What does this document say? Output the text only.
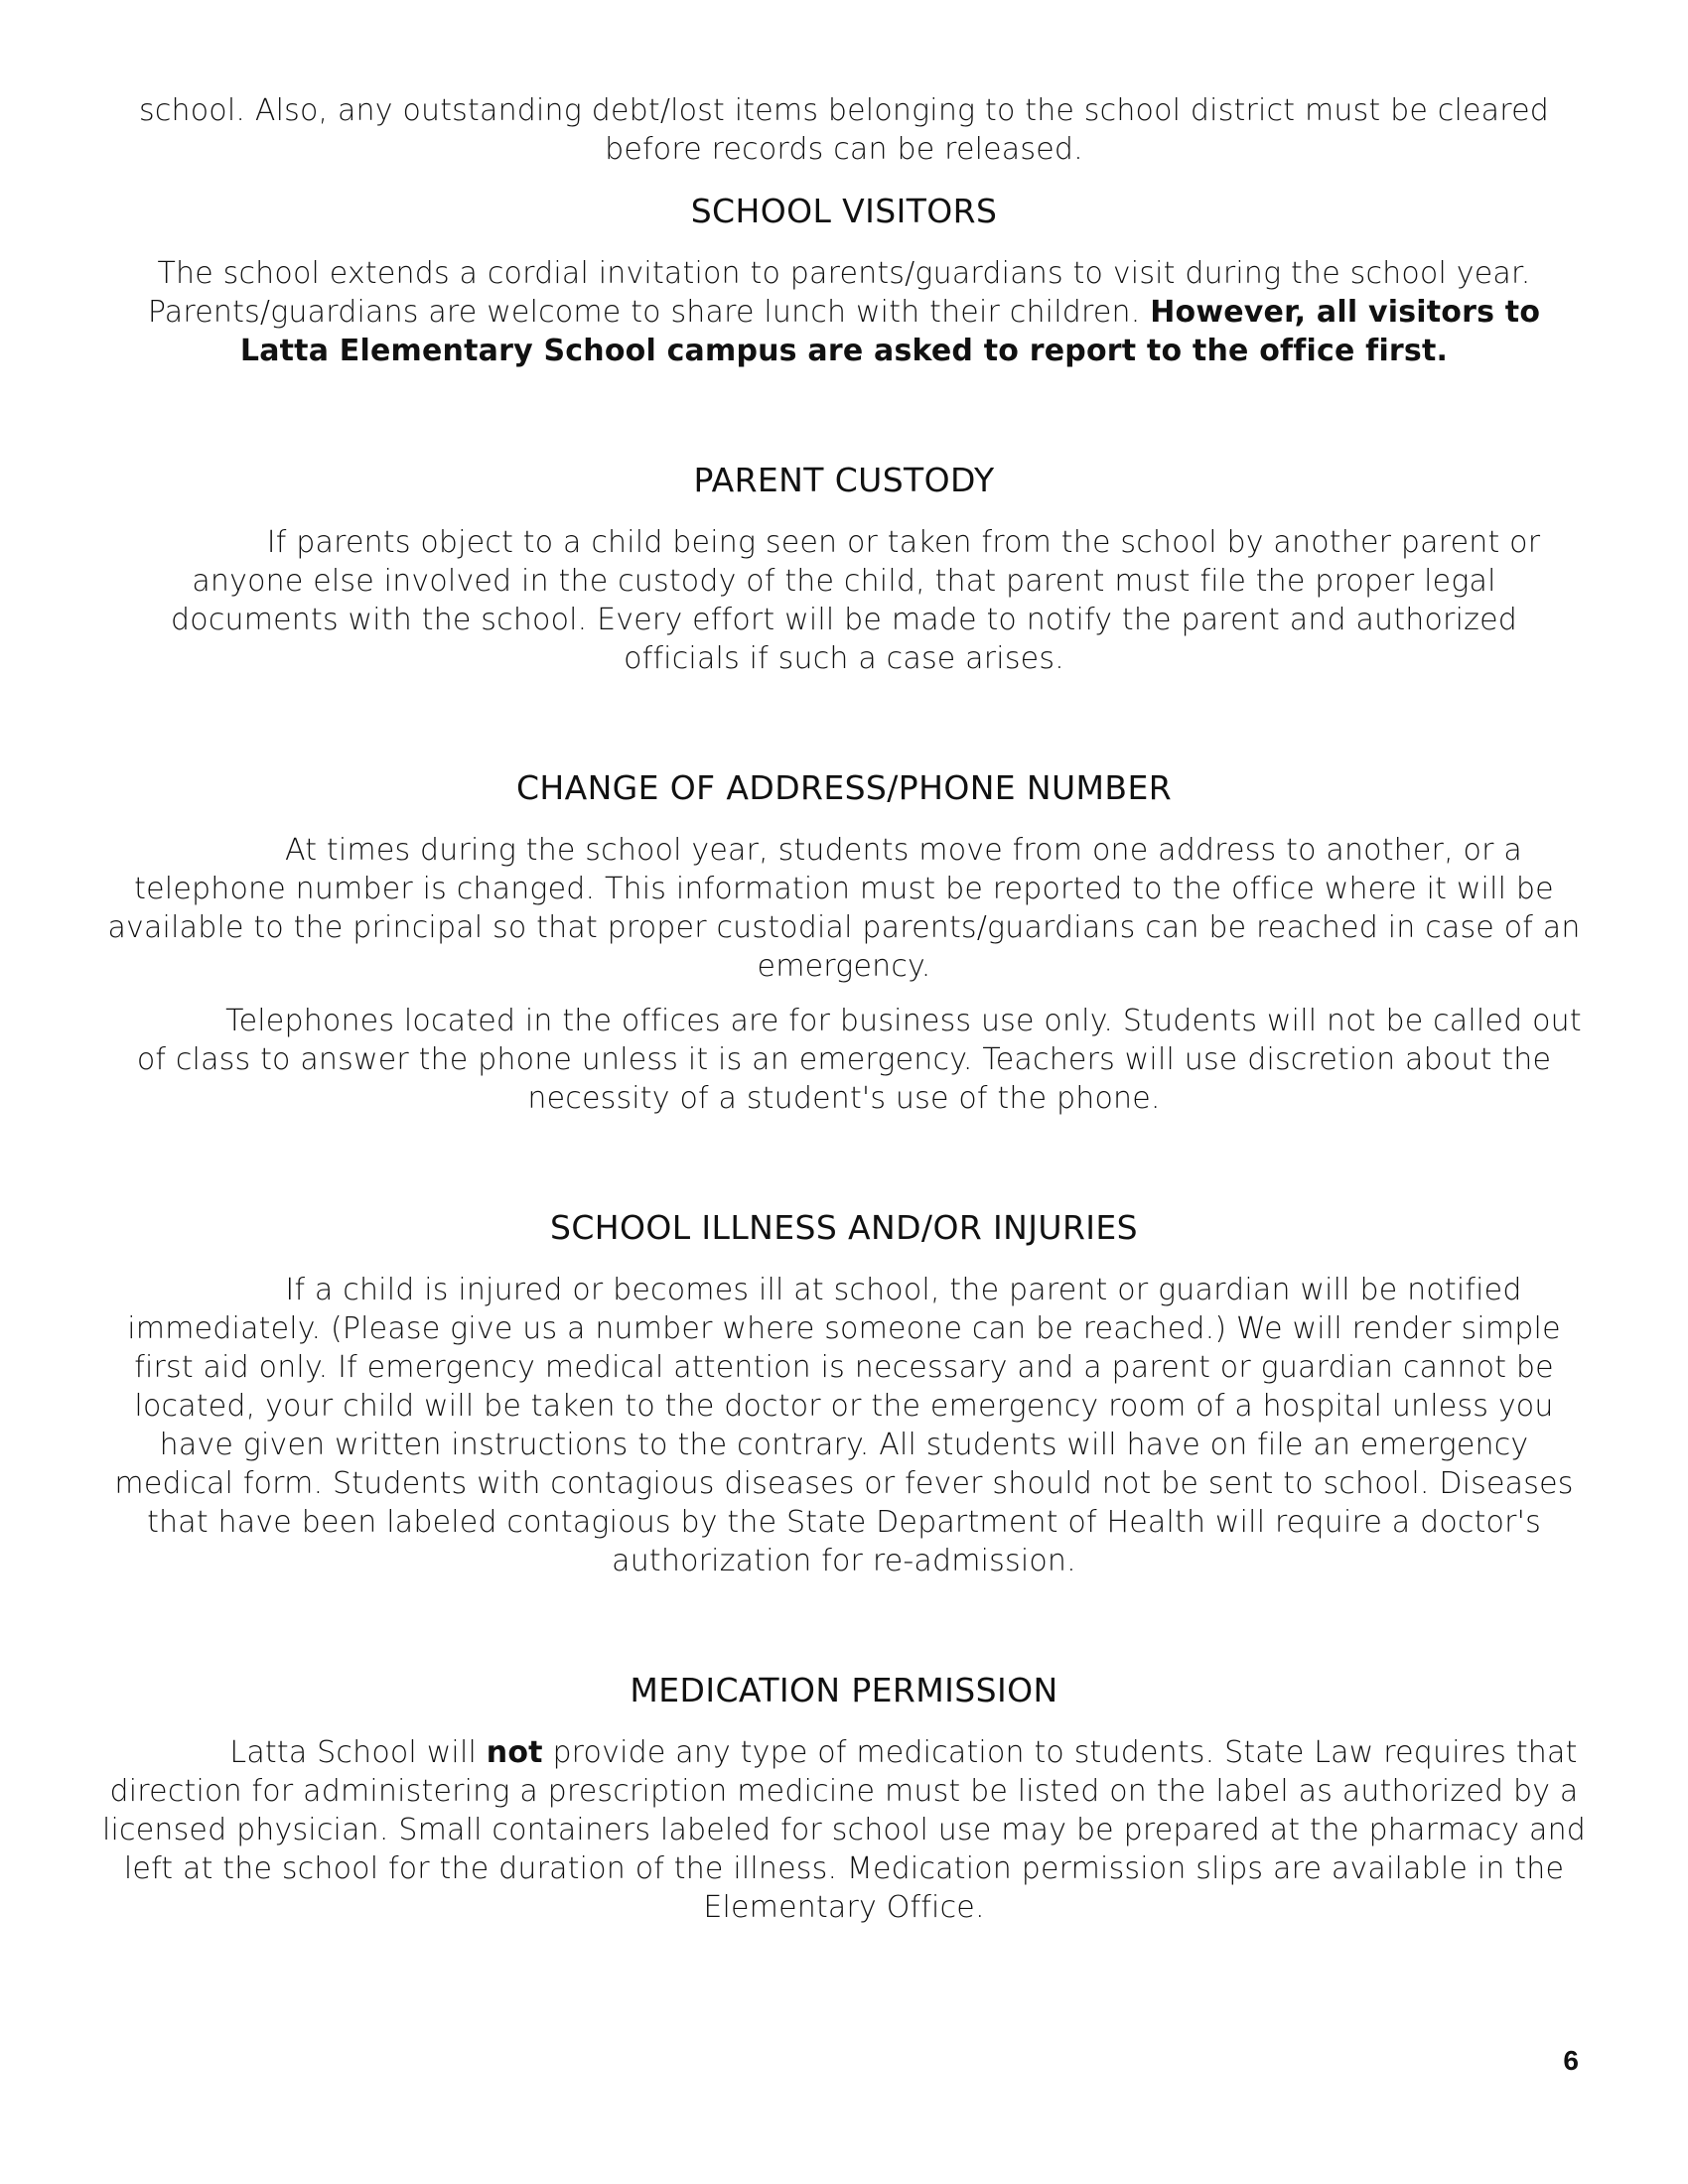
school. Also, any outstanding debt/lost items belonging to the school district must be cleared before records can be released.

SCHOOL VISITORS

The school extends a cordial invitation to parents/guardians to visit during the school year. Parents/guardians are welcome to share lunch with their children. However, all visitors to Latta Elementary School campus are asked to report to the office first.

PARENT CUSTODY

If parents object to a child being seen or taken from the school by another parent or anyone else involved in the custody of the child, that parent must file the proper legal documents with the school. Every effort will be made to notify the parent and authorized officials if such a case arises.

CHANGE OF ADDRESS/PHONE NUMBER

At times during the school year, students move from one address to another, or a telephone number is changed. This information must be reported to the office where it will be available to the principal so that proper custodial parents/guardians can be reached in case of an emergency.

Telephones located in the offices are for business use only. Students will not be called out of class to answer the phone unless it is an emergency. Teachers will use discretion about the necessity of a student's use of the phone.

SCHOOL ILLNESS AND/OR INJURIES

If a child is injured or becomes ill at school, the parent or guardian will be notified immediately. (Please give us a number where someone can be reached.) We will render simple first aid only. If emergency medical attention is necessary and a parent or guardian cannot be located, your child will be taken to the doctor or the emergency room of a hospital unless you have given written instructions to the contrary. All students will have on file an emergency medical form. Students with contagious diseases or fever should not be sent to school. Diseases that have been labeled contagious by the State Department of Health will require a doctor's authorization for re-admission.

MEDICATION PERMISSION

Latta School will not provide any type of medication to students. State Law requires that direction for administering a prescription medicine must be listed on the label as authorized by a licensed physician. Small containers labeled for school use may be prepared at the pharmacy and left at the school for the duration of the illness. Medication permission slips are available in the Elementary Office.

6
